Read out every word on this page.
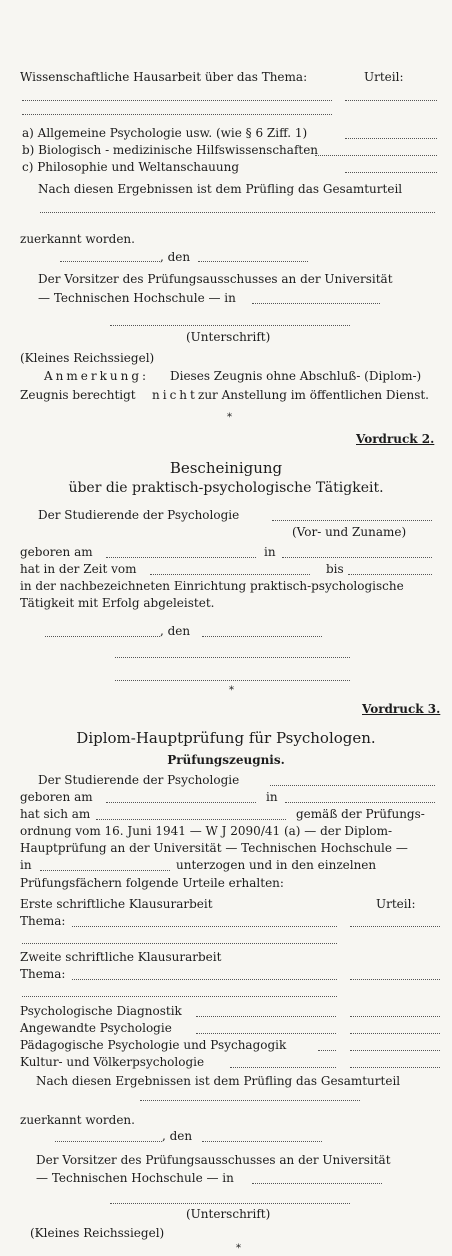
Wissenschaftliche Hausarbeit über das Thema:	Urteil:
a) Allgemeine Psychologie usw. (wie § 6 Ziff. 1)
b) Biologisch - medizinische Hilfswissenschaften
c) Philosophie und Weltanschauung
Nach diesen Ergebnissen ist dem Prüfling das Gesamturteil
zuerkannt worden.
, den
Der Vorsitzer des Prüfungsausschusses an der Universität
— Technischen Hochschule — in
(Unterschrift)
(Kleines Reichssiegel)
Anmerkung: Dieses Zeugnis ohne Abschluß- (Diplom-)
Zeugnis berechtigt nicht zur Anstellung im öffentlichen Dienst.
*
Vordruck 2.
Bescheinigung
über die praktisch-psychologische Tätigkeit.
Der Studierende der Psychologie
(Vor- und Zuname)
geboren am	in
hat in der Zeit vom	bis
in der nachbezeichneten Einrichtung praktisch-psychologische
Tätigkeit mit Erfolg abgeleistet.
, den
*
Vordruck 3.
Diplom-Hauptprüfung für Psychologen.
Prüfungszeugnis.
Der Studierende der Psychologie
geboren am	in
hat sich am	gemäß der Prüfungs-
ordnung vom 16. Juni 1941 — W J 2090/41 (a) — der Diplom-
Hauptprüfung an der Universität — Technischen Hochschule —
in	unterzogen und in den einzelnen
Prüfungsfächern folgende Urteile erhalten:
Erste schriftliche Klausurarbeit	Urteil:
Thema:
Zweite schriftliche Klausurarbeit
Thema:
Psychologische Diagnostik
Angewandte Psychologie
Pädagogische Psychologie und Psychagogik
Kultur- und Völkerpsychologie
Nach diesen Ergebnissen ist dem Prüfling das Gesamturteil
zuerkannt worden.
, den
Der Vorsitzer des Prüfungsausschusses an der Universität
— Technischen Hochschule — in
(Unterschrift)
(Kleines Reichssiegel)
*
